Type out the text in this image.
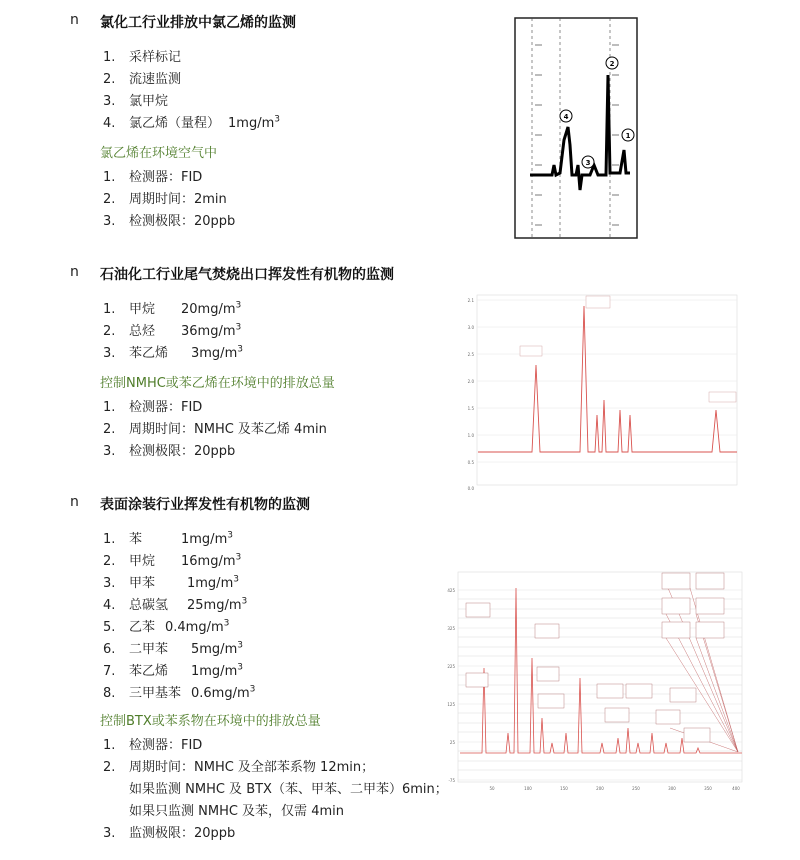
n 氯化工行业排放中氯乙烯的监测
1. 采样标记
2. 流速监测
3. 氯甲烷
4. 氯乙烯（量程） $1mg/m^3$
氯乙烯在环境空气中
1. 检测器：FID
2. 周期时间：2min
3. 检测极限：20ppb
4
2
3
1
n 石油化工行业尾气焚烧出口挥发性有机物的监测
1. 甲烷 $20mg/m^3$
2. 总烃 $36mg/m^3$
3. 苯乙烯 $3mg/m^3$
控制NMHC或苯乙烯在环境中的排放总量
1. 检测器：FID
2. 周期时间：NMHC 及苯乙烯 4min
3. 检测极限：20ppb
2.1
3.0
2.5
2.0
1.5
1.0
0.5
0.0
n 表面涂装行业挥发性有机物的监测
1. 苯	$1mg/m^3$
2. 甲烷 $16mg/m^3$
3. 甲苯 $1mg/m^3$
4. 总碳氢 $25mg/m^3$
5. 乙苯 $0.4mg/m^3$
6. 二甲苯 $5mg/m^3$
7. 苯乙烯 $1mg/m^3$
8. 三甲基苯 $0.6mg/m^3$
控制BTX或苯系物在环境中的排放总量
1. 检测器：FID
2. 周期时间：NMHC 及全部苯系物 12min；
如果监测 NMHC 及 BTX（苯、甲苯、二甲苯）6min；
如果只监测 NMHC 及苯，仅需 4min
3. 监测极限：20ppb
425
325
225
125
25
-75
50	100	150	200	250	300	350	400
